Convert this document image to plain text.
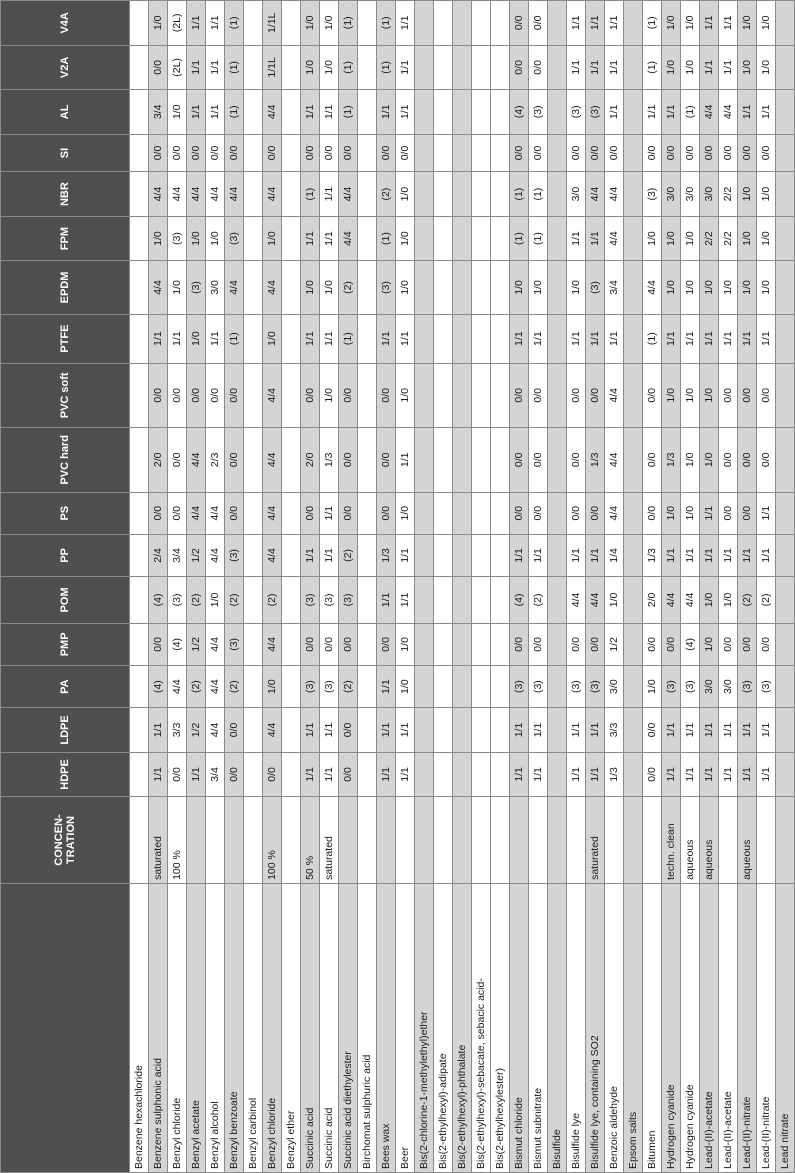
	CONCEN-
TRATION	HDPE	LDPE	PA	PMP	POM	PP	PS	PVC hard	PVC soft	PTFE	EPDM	FPM	NBR	SI	AL	V2A	V4A
Benzene hexachloride																		
Benzene sulphonic acid	saturated	1/1	1/1	(4)	0/0	(4)	2/4	0/0	2/0	0/0	1/1	4/4	1/0	4/4	0/0	3/4	0/0	1/0
Benzyl chloride	100 %	0/0	3/3	4/4	(4)	(3)	3/4	0/0	0/0	0/0	1/1	1/0	(3)	4/4	0/0	1/0	(2L)	(2L)
Benzyl acetate		1/1	1/2	(2)	1/2	(2)	1/2	4/4	4/4	0/0	1/0	(3)	1/0	4/4	0/0	1/1	1/1	1/1
Benzyl alcohol		3/4	4/4	4/4	4/4	1/0	4/4	4/4	2/3	0/0	1/1	3/0	1/0	4/4	0/0	1/1	1/1	1/1
Benzyl benzoate		0/0	0/0	(2)	(3)	(2)	(3)	0/0	0/0	0/0	(1)	4/4	(3)	4/4	0/0	(1)	(1)	(1)
Benzyl carbinol																		
Benzyl chloride	100 %	0/0	4/4	1/0	4/4	(2)	4/4	4/4	4/4	4/4	1/0	4/4	1/0	4/4	0/0	4/4	1/1L	1/1L
Benzyl ether																		
Succinic acid	50 %	1/1	1/1	(3)	0/0	(3)	1/1	0/0	2/0	0/0	1/1	1/0	1/1	(1)	0/0	1/1	1/0	1/0
Succinic acid	saturated	1/1	1/1	(3)	0/0	(3)	1/1	1/1	1/3	1/0	1/1	1/0	1/1	1/1	0/0	1/1	1/0	1/0
Succinic acid diethylester		0/0	0/0	(2)	0/0	(3)	(2)	0/0	0/0	0/0	(1)	(2)	4/4	4/4	0/0	(1)	(1)	(1)
Birchomat sulphuric acid																		
Bees wax		1/1	1/1	1/1	0/0	1/1	1/3	0/0	0/0	0/0	1/1	(3)	(1)	(2)	0/0	1/1	(1)	(1)
Beer		1/1	1/1	1/0	1/0	1/1	1/1	1/0	1/1	1/0	1/1	1/0	1/0	1/0	0/0	1/1	1/1	1/1
Bis(2-chlorine-1-methylethyl)ether																		
Bis(2-ethylhexyl)-adipate																		
Bis(2-ethylhexyl)-phthalate																		
Bis(2-ethylhexyl)-sebacate, sebacic acid-																		
Bis(2-ethylhexylester)																		
Bismut chloride		1/1	1/1	(3)	0/0	(4)	1/1	0/0	0/0	0/0	1/1	1/0	(1)	(1)	0/0	(4)	0/0	0/0
Bismut subnitrate		1/1	1/1	(3)	0/0	(2)	1/1	0/0	0/0	0/0	1/1	1/0	(1)	(1)	0/0	(3)	0/0	0/0
Bisulfide																		
Bisulfide lye		1/1	1/1	(3)	0/0	4/4	1/1	0/0	0/0	0/0	1/1	1/0	1/1	3/0	0/0	(3)	1/1	1/1
Bisulfide lye, containing SO2	saturated	1/1	1/1	(3)	0/0	4/4	1/1	0/0	1/3	0/0	1/1	(3)	1/1	4/4	0/0	(3)	1/1	1/1
Benzoic aldehyde		1/3	3/3	3/0	1/2	1/0	1/4	4/4	4/4	4/4	1/1	3/4	4/4	4/4	0/0	1/1	1/1	1/1
Epsom salts																		
Bitumen		0/0	0/0	1/0	0/0	2/0	1/3	0/0	0/0	0/0	(1)	4/4	1/0	(3)	0/0	1/1	(1)	(1)
Hydrogen cyanide	techn. clean	1/1	1/1	(3)	0/0	4/4	1/1	1/0	1/3	1/0	1/1	1/0	1/0	3/0	0/0	1/1	1/0	1/0
Hydrogen cyanide	aqueous	1/1	1/1	(3)	(4)	4/4	1/1	1/0	1/0	1/0	1/1	1/0	1/0	3/0	0/0	(1)	1/0	1/0
Lead-(II)-acetate	aqueous	1/1	1/1	3/0	1/0	1/0	1/1	1/1	1/0	1/0	1/1	1/0	2/2	3/0	0/0	4/4	1/1	1/1
Lead-(II)-acetate		1/1	1/1	3/0	0/0	1/0	1/1	0/0	0/0	0/0	1/1	1/0	2/2	2/2	0/0	4/4	1/1	1/1
Lead-(II)-nitrate	aqueous	1/1	1/1	(3)	0/0	(2)	1/1	0/0	0/0	0/0	1/1	1/0	1/0	1/0	0/0	1/1	1/0	1/0
Lead-(II)-nitrate		1/1	1/1	(3)	0/0	(2)	1/1	1/1	0/0	0/0	1/1	1/0	1/0	1/0	0/0	1/1	1/0	1/0
Lead nitrate																		
